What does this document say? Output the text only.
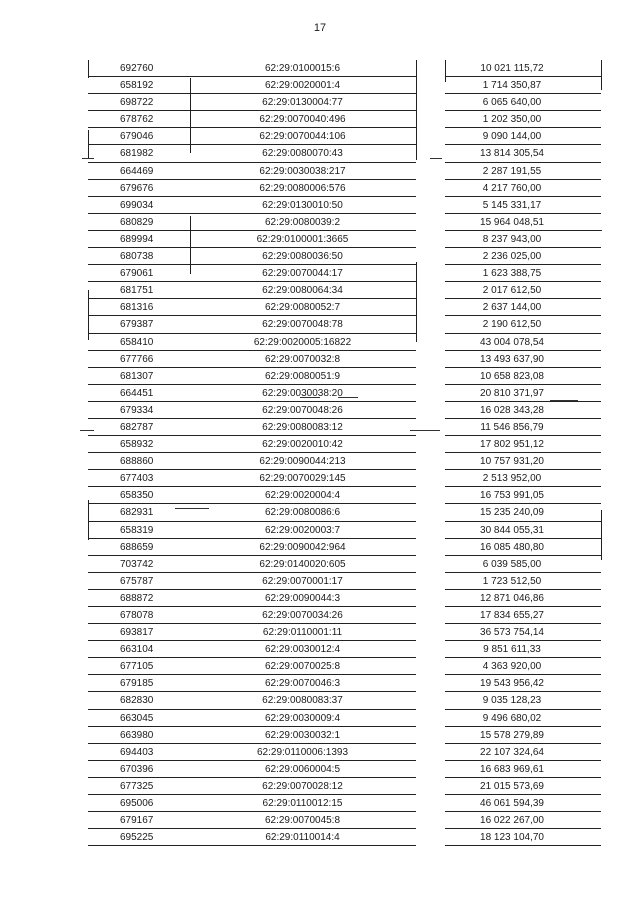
17
692760	62:29:0100015:6	10 021 115,72
658192	62:29:0020001:4	1 714 350,87
698722	62:29:0130004:77	6 065 640,00
678762	62:29:0070040:496	1 202 350,00
679046	62:29:0070044:106	9 090 144,00
681982	62:29:0080070:43	13 814 305,54
664469	62:29:0030038:217	2 287 191,55
679676	62:29:0080006:576	4 217 760,00
699034	62:29:0130010:50	5 145 331,17
680829	62:29:0080039:2	15 964 048,51
689994	62:29:0100001:3665	8 237 943,00
680738	62:29:0080036:50	2 236 025,00
679061	62:29:0070044:17	1 623 388,75
681751	62:29:0080064:34	2 017 612,50
681316	62:29:0080052:7	2 637 144,00
679387	62:29:0070048:78	2 190 612,50
658410	62:29:0020005:16822	43 004 078,54
677766	62:29:0070032:8	13 493 637,90
681307	62:29:0080051:9	10 658 823,08
664451	62:29:0030038:20	20 810 371,97
679334	62:29:0070048:26	16 028 343,28
682787	62:29:0080083:12	11 546 856,79
658932	62:29:0020010:42	17 802 951,12
688860	62:29:0090044:213	10 757 931,20
677403	62:29:0070029:145	2 513 952,00
658350	62:29:0020004:4	16 753 991,05
682931	62:29:0080086:6	15 235 240,09
658319	62:29:0020003:7	30 844 055,31
688659	62:29:0090042:964	16 085 480,80
703742	62:29:0140020:605	6 039 585,00
675787	62:29:0070001:17	1 723 512,50
688872	62:29:0090044:3	12 871 046,86
678078	62:29:0070034:26	17 834 655,27
693817	62:29:0110001:11	36 573 754,14
663104	62:29:0030012:4	9 851 611,33
677105	62:29:0070025:8	4 363 920,00
679185	62:29:0070046:3	19 543 956,42
682830	62:29:0080083:37	9 035 128,23
663045	62:29:0030009:4	9 496 680,02
663980	62:29:0030032:1	15 578 279,89
694403	62:29:0110006:1393	22 107 324,64
670396	62:29:0060004:5	16 683 969,61
677325	62:29:0070028:12	21 015 573,69
695006	62:29:0110012:15	46 061 594,39
679167	62:29:0070045:8	16 022 267,00
695225	62:29:0110014:4	18 123 104,70
